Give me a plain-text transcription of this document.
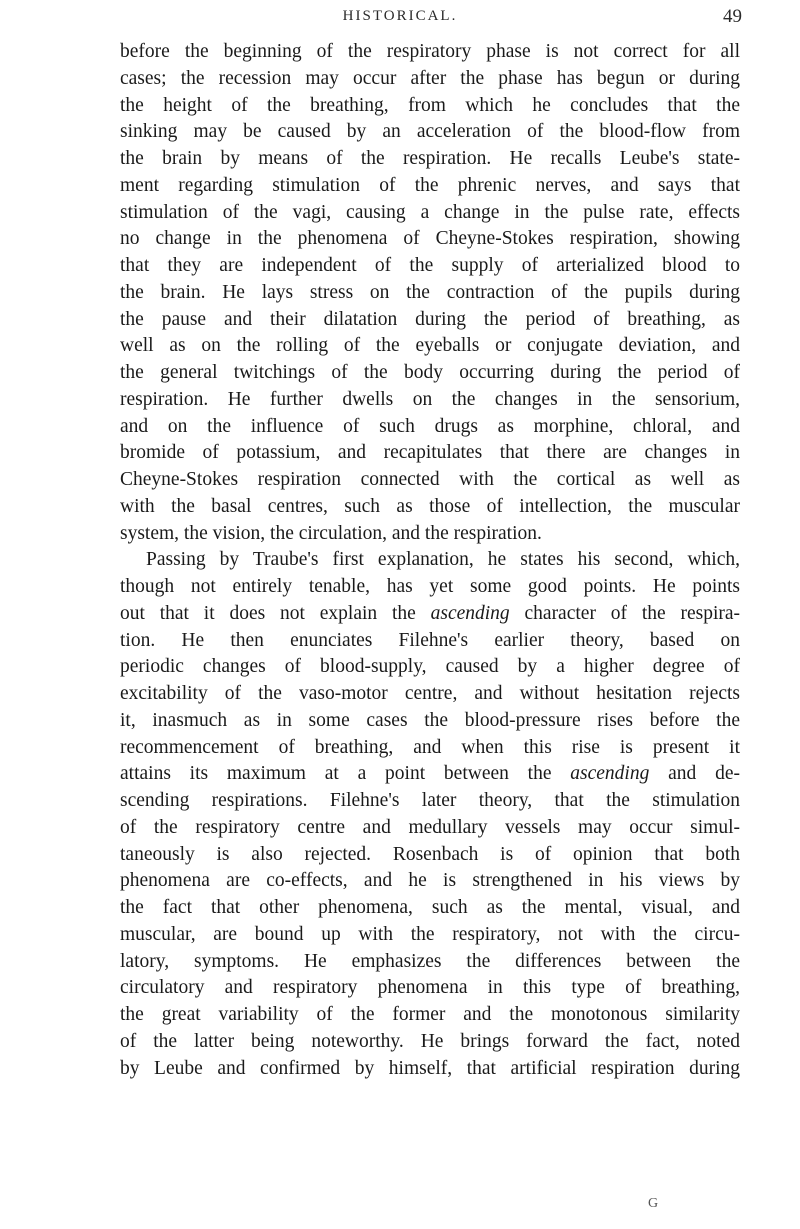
HISTORICAL.	49
before the beginning of the respiratory phase is not correct for all
cases; the recession may occur after the phase has begun or during
the height of the breathing, from which he concludes that the
sinking may be caused by an acceleration of the blood-flow from
the brain by means of the respiration. He recalls Leube's state-
ment regarding stimulation of the phrenic nerves, and says that
stimulation of the vagi, causing a change in the pulse rate, effects
no change in the phenomena of Cheyne-Stokes respiration, showing
that they are independent of the supply of arterialized blood to
the brain. He lays stress on the contraction of the pupils during
the pause and their dilatation during the period of breathing, as
well as on the rolling of the eyeballs or conjugate deviation, and
the general twitchings of the body occurring during the period of
respiration. He further dwells on the changes in the sensorium,
and on the influence of such drugs as morphine, chloral, and
bromide of potassium, and recapitulates that there are changes in
Cheyne-Stokes respiration connected with the cortical as well as
with the basal centres, such as those of intellection, the muscular
system, the vision, the circulation, and the respiration.
Passing by Traube's first explanation, he states his second, which,
though not entirely tenable, has yet some good points. He points
out that it does not explain the ascending character of the respira-
tion. He then enunciates Filehne's earlier theory, based on
periodic changes of blood-supply, caused by a higher degree of
excitability of the vaso-motor centre, and without hesitation rejects
it, inasmuch as in some cases the blood-pressure rises before the
recommencement of breathing, and when this rise is present it
attains its maximum at a point between the ascending and de-
scending respirations. Filehne's later theory, that the stimulation
of the respiratory centre and medullary vessels may occur simul-
taneously is also rejected. Rosenbach is of opinion that both
phenomena are co-effects, and he is strengthened in his views by
the fact that other phenomena, such as the mental, visual, and
muscular, are bound up with the respiratory, not with the circu-
latory, symptoms. He emphasizes the differences between the
circulatory and respiratory phenomena in this type of breathing,
the great variability of the former and the monotonous similarity
of the latter being noteworthy. He brings forward the fact, noted
by Leube and confirmed by himself, that artificial respiration during
G
